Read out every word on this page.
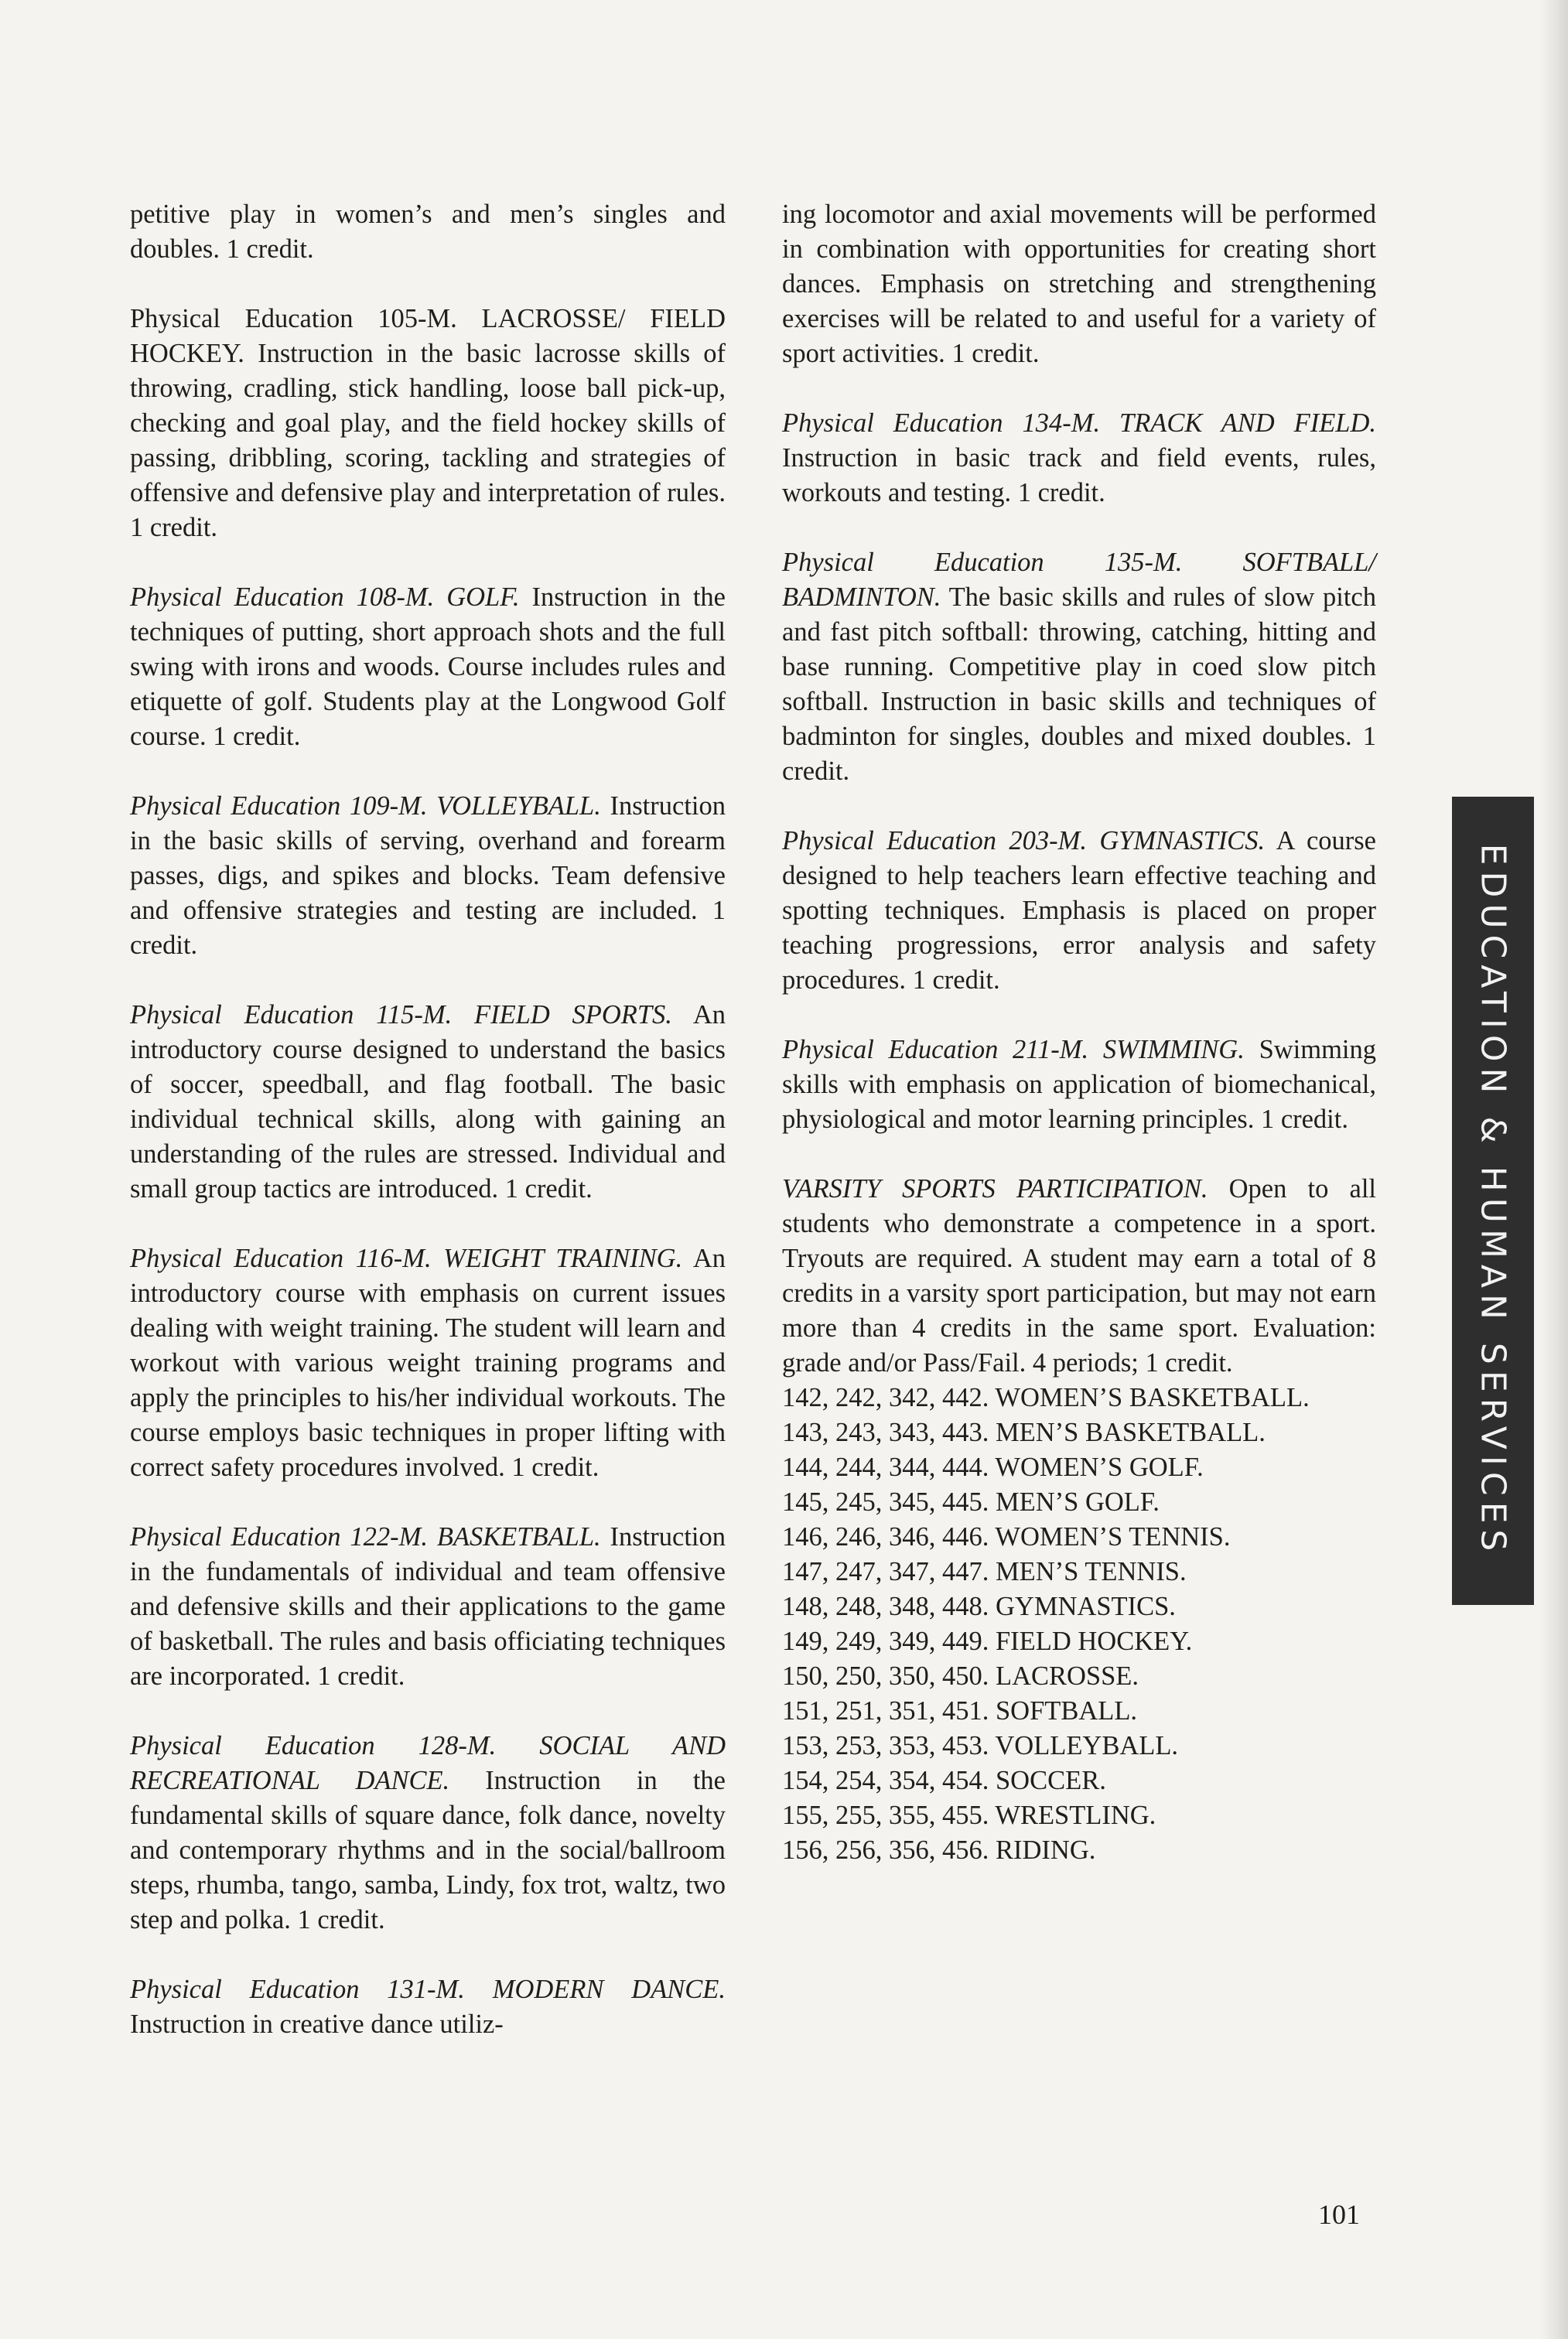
petitive play in women’s and men’s singles and doubles. 1 credit.

Physical Education 105-M. LACROSSE/ FIELD HOCKEY. Instruction in the basic lacrosse skills of throwing, cradling, stick handling, loose ball pick-up, checking and goal play, and the field hockey skills of passing, dribbling, scoring, tackling and strategies of offensive and defensive play and interpretation of rules. 1 credit.

Physical Education 108-M. GOLF. Instruction in the techniques of putting, short approach shots and the full swing with irons and woods. Course includes rules and etiquette of golf. Students play at the Longwood Golf course. 1 credit.

Physical Education 109-M. VOLLEYBALL. Instruction in the basic skills of serving, overhand and forearm passes, digs, and spikes and blocks. Team defensive and offensive strategies and testing are included. 1 credit.

Physical Education 115-M. FIELD SPORTS. An introductory course designed to understand the basics of soccer, speedball, and flag football. The basic individual technical skills, along with gaining an understanding of the rules are stressed. Individual and small group tactics are introduced. 1 credit.

Physical Education 116-M. WEIGHT TRAINING. An introductory course with emphasis on current issues dealing with weight training. The student will learn and workout with various weight training programs and apply the principles to his/her individual workouts. The course employs basic techniques in proper lifting with correct safety procedures involved. 1 credit.

Physical Education 122-M. BASKETBALL. Instruction in the fundamentals of individual and team offensive and defensive skills and their applications to the game of basketball. The rules and basis officiating techniques are incorporated. 1 credit.

Physical Education 128-M. SOCIAL AND RECREATIONAL DANCE. Instruction in the fundamental skills of square dance, folk dance, novelty and contemporary rhythms and in the social/ballroom steps, rhumba, tango, samba, Lindy, fox trot, waltz, two step and polka. 1 credit.

Physical Education 131-M. MODERN DANCE. Instruction in creative dance utiliz-

ing locomotor and axial movements will be performed in combination with opportunities for creating short dances. Emphasis on stretching and strengthening exercises will be related to and useful for a variety of sport activities. 1 credit.

Physical Education 134-M. TRACK AND FIELD. Instruction in basic track and field events, rules, workouts and testing. 1 credit.

Physical Education 135-M. SOFTBALL/ BADMINTON. The basic skills and rules of slow pitch and fast pitch softball: throwing, catching, hitting and base running. Competitive play in coed slow pitch softball. Instruction in basic skills and techniques of badminton for singles, doubles and mixed doubles. 1 credit.

Physical Education 203-M. GYMNASTICS. A course designed to help teachers learn effective teaching and spotting techniques. Emphasis is placed on proper teaching progressions, error analysis and safety procedures. 1 credit.

Physical Education 211-M. SWIMMING. Swimming skills with emphasis on application of biomechanical, physiological and motor learning principles. 1 credit.

VARSITY SPORTS PARTICIPATION. Open to all students who demonstrate a competence in a sport. Tryouts are required. A student may earn a total of 8 credits in a varsity sport participation, but may not earn more than 4 credits in the same sport. Evaluation: grade and/or Pass/Fail. 4 periods; 1 credit.

142, 242, 342, 442. WOMEN’S BASKETBALL.
143, 243, 343, 443. MEN’S BASKETBALL.
144, 244, 344, 444. WOMEN’S GOLF.
145, 245, 345, 445. MEN’S GOLF.
146, 246, 346, 446. WOMEN’S TENNIS.
147, 247, 347, 447. MEN’S TENNIS.
148, 248, 348, 448. GYMNASTICS.
149, 249, 349, 449. FIELD HOCKEY.
150, 250, 350, 450. LACROSSE.
151, 251, 351, 451. SOFTBALL.
153, 253, 353, 453. VOLLEYBALL.
154, 254, 354, 454. SOCCER.
155, 255, 355, 455. WRESTLING.
156, 256, 356, 456. RIDING.
EDUCATION & HUMAN SERVICES
101
